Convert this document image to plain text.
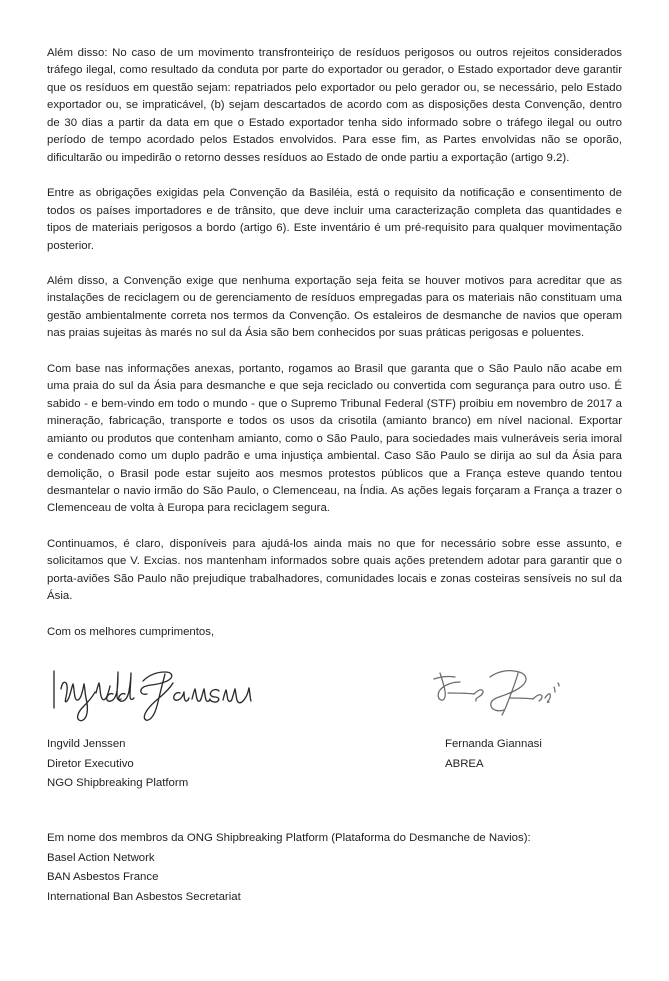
Além disso: No caso de um movimento transfronteiriço de resíduos perigosos ou outros rejeitos considerados tráfego ilegal, como resultado da conduta por parte do exportador ou gerador, o Estado exportador deve garantir que os resíduos em questão sejam: repatriados pelo exportador ou pelo gerador ou, se necessário, pelo Estado exportador ou, se impraticável, (b) sejam descartados de acordo com as disposições desta Convenção, dentro de 30 dias a partir da data em que o Estado exportador tenha sido informado sobre o tráfego ilegal ou outro período de tempo acordado pelos Estados envolvidos. Para esse fim, as Partes envolvidas não se oporão, dificultarão ou impedirão o retorno desses resíduos ao Estado de onde partiu a exportação (artigo 9.2).

Entre as obrigações exigidas pela Convenção da Basiléia, está o requisito da notificação e consentimento de todos os países importadores e de trânsito, que deve incluir uma caracterização completa das quantidades e tipos de materiais perigosos a bordo (artigo 6). Este inventário é um pré-requisito para qualquer movimentação posterior.

Além disso, a Convenção exige que nenhuma exportação seja feita se houver motivos para acreditar que as instalações de reciclagem ou de gerenciamento de resíduos empregadas para os materiais não constituam uma gestão ambientalmente correta nos termos da Convenção. Os estaleiros de desmanche de navios que operam nas praias sujeitas às marés no sul da Ásia são bem conhecidos por suas práticas perigosas e poluentes.

Com base nas informações anexas, portanto, rogamos ao Brasil que garanta que o São Paulo não acabe em uma praia do sul da Ásia para desmanche e que seja reciclado ou convertida com segurança para outro uso. É sabido - e bem-vindo em todo o mundo - que o Supremo Tribunal Federal (STF) proibiu em novembro de 2017 a mineração, fabricação, transporte e todos os usos da crisotila (amianto branco) em nível nacional. Exportar amianto ou produtos que contenham amianto, como o São Paulo, para sociedades mais vulneráveis seria imoral e condenado como um duplo padrão e uma injustiça ambiental. Caso São Paulo se dirija ao sul da Ásia para demolição, o Brasil pode estar sujeito aos mesmos protestos públicos que a França esteve quando tentou desmantelar o navio irmão do São Paulo, o Clemenceau, na Índia. As ações legais forçaram a França a trazer o Clemenceau de volta à Europa para reciclagem segura.

Continuamos, é claro, disponíveis para ajudá-los ainda mais no que for necessário sobre esse assunto, e solicitamos que V. Excias. nos mantenham informados sobre quais ações pretendem adotar para garantir que o porta-aviões São Paulo não prejudique trabalhadores, comunidades locais e zonas costeiras sensíveis no sul da Ásia.

Com os melhores cumprimentos,
Ingvild Jenssen
Diretor Executivo
NGO Shipbreaking Platform
Fernanda Giannasi
ABREA
Em nome dos membros da ONG Shipbreaking Platform (Plataforma do Desmanche de Navios):
Basel Action Network
BAN Asbestos France
International Ban Asbestos Secretariat
